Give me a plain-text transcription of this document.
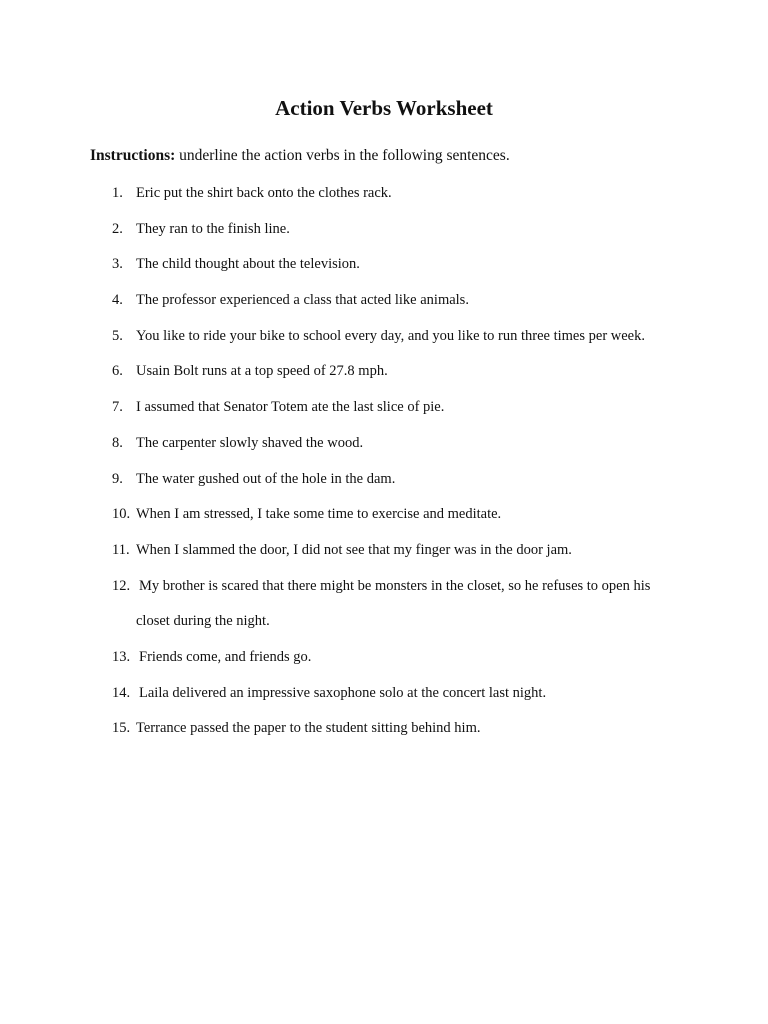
Action Verbs Worksheet
Instructions: underline the action verbs in the following sentences.
1. Eric put the shirt back onto the clothes rack.
2. They ran to the finish line.
3. The child thought about the television.
4. The professor experienced a class that acted like animals.
5. You like to ride your bike to school every day, and you like to run three times per week.
6. Usain Bolt runs at a top speed of 27.8 mph.
7. I assumed that Senator Totem ate the last slice of pie.
8. The carpenter slowly shaved the wood.
9. The water gushed out of the hole in the dam.
10. When I am stressed, I take some time to exercise and meditate.
11. When I slammed the door, I did not see that my finger was in the door jam.
12. My brother is scared that there might be monsters in the closet, so he refuses to open his
closet during the night.
13. Friends come, and friends go.
14. Laila delivered an impressive saxophone solo at the concert last night.
15. Terrance passed the paper to the student sitting behind him.
